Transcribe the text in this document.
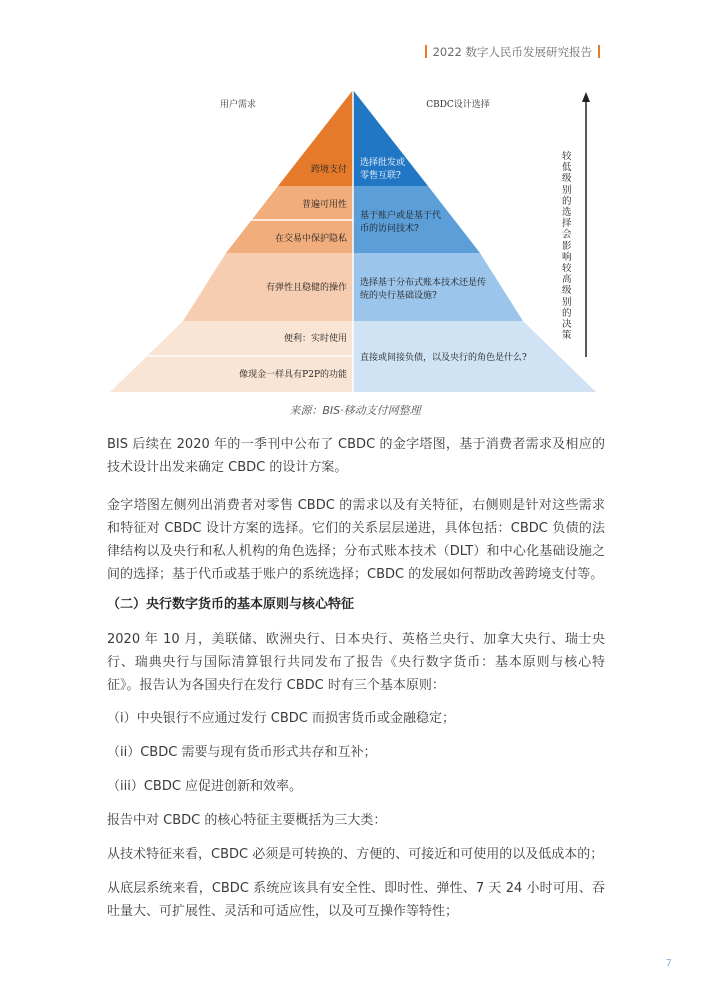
2022 数字人民币发展研究报告
用户需求	CBDC设计选择
跨境支付
普遍可用性
在交易中保护隐私
有弹性且稳健的操作
便利：实时使用
像现金一样具有P2P的功能
选择批发或
零售互联?
基于账户或是基于代
币的访问技术?
选择基于分布式账本技术还是传
统的央行基础设施?
直接或间接负债，以及央行的角色是什么?
较低级别的选择会影响较高级别的决策
来源：BIS·移动支付网整理

BIS 后续在 2020 年的一季刊中公布了 CBDC 的金字塔图，基于消费者需求及相应的技术设计出发来确定 CBDC 的设计方案。

金字塔图左侧列出消费者对零售 CBDC 的需求以及有关特征，右侧则是针对这些需求和特征对 CBDC 设计方案的选择。它们的关系层层递进，具体包括：CBDC 负债的法律结构以及央行和私人机构的角色选择；分布式账本技术（DLT）和中心化基础设施之间的选择；基于代币或基于账户的系统选择；CBDC 的发展如何帮助改善跨境支付等。

（二）央行数字货币的基本原则与核心特征

2020 年 10 月，美联储、欧洲央行、日本央行、英格兰央行、加拿大央行、瑞士央行、瑞典央行与国际清算银行共同发布了报告《央行数字货币：基本原则与核心特征》。报告认为各国央行在发行 CBDC 时有三个基本原则：

（i）中央银行不应通过发行 CBDC 而损害货币或金融稳定；

（ii）CBDC 需要与现有货币形式共存和互补；

（iii）CBDC 应促进创新和效率。

报告中对 CBDC 的核心特征主要概括为三大类：

从技术特征来看，CBDC 必须是可转换的、方便的、可接近和可使用的以及低成本的；

从底层系统来看，CBDC 系统应该具有安全性、即时性、弹性、7 天 24 小时可用、吞吐量大、可扩展性、灵活和可适应性，以及可互操作等特性；

7
